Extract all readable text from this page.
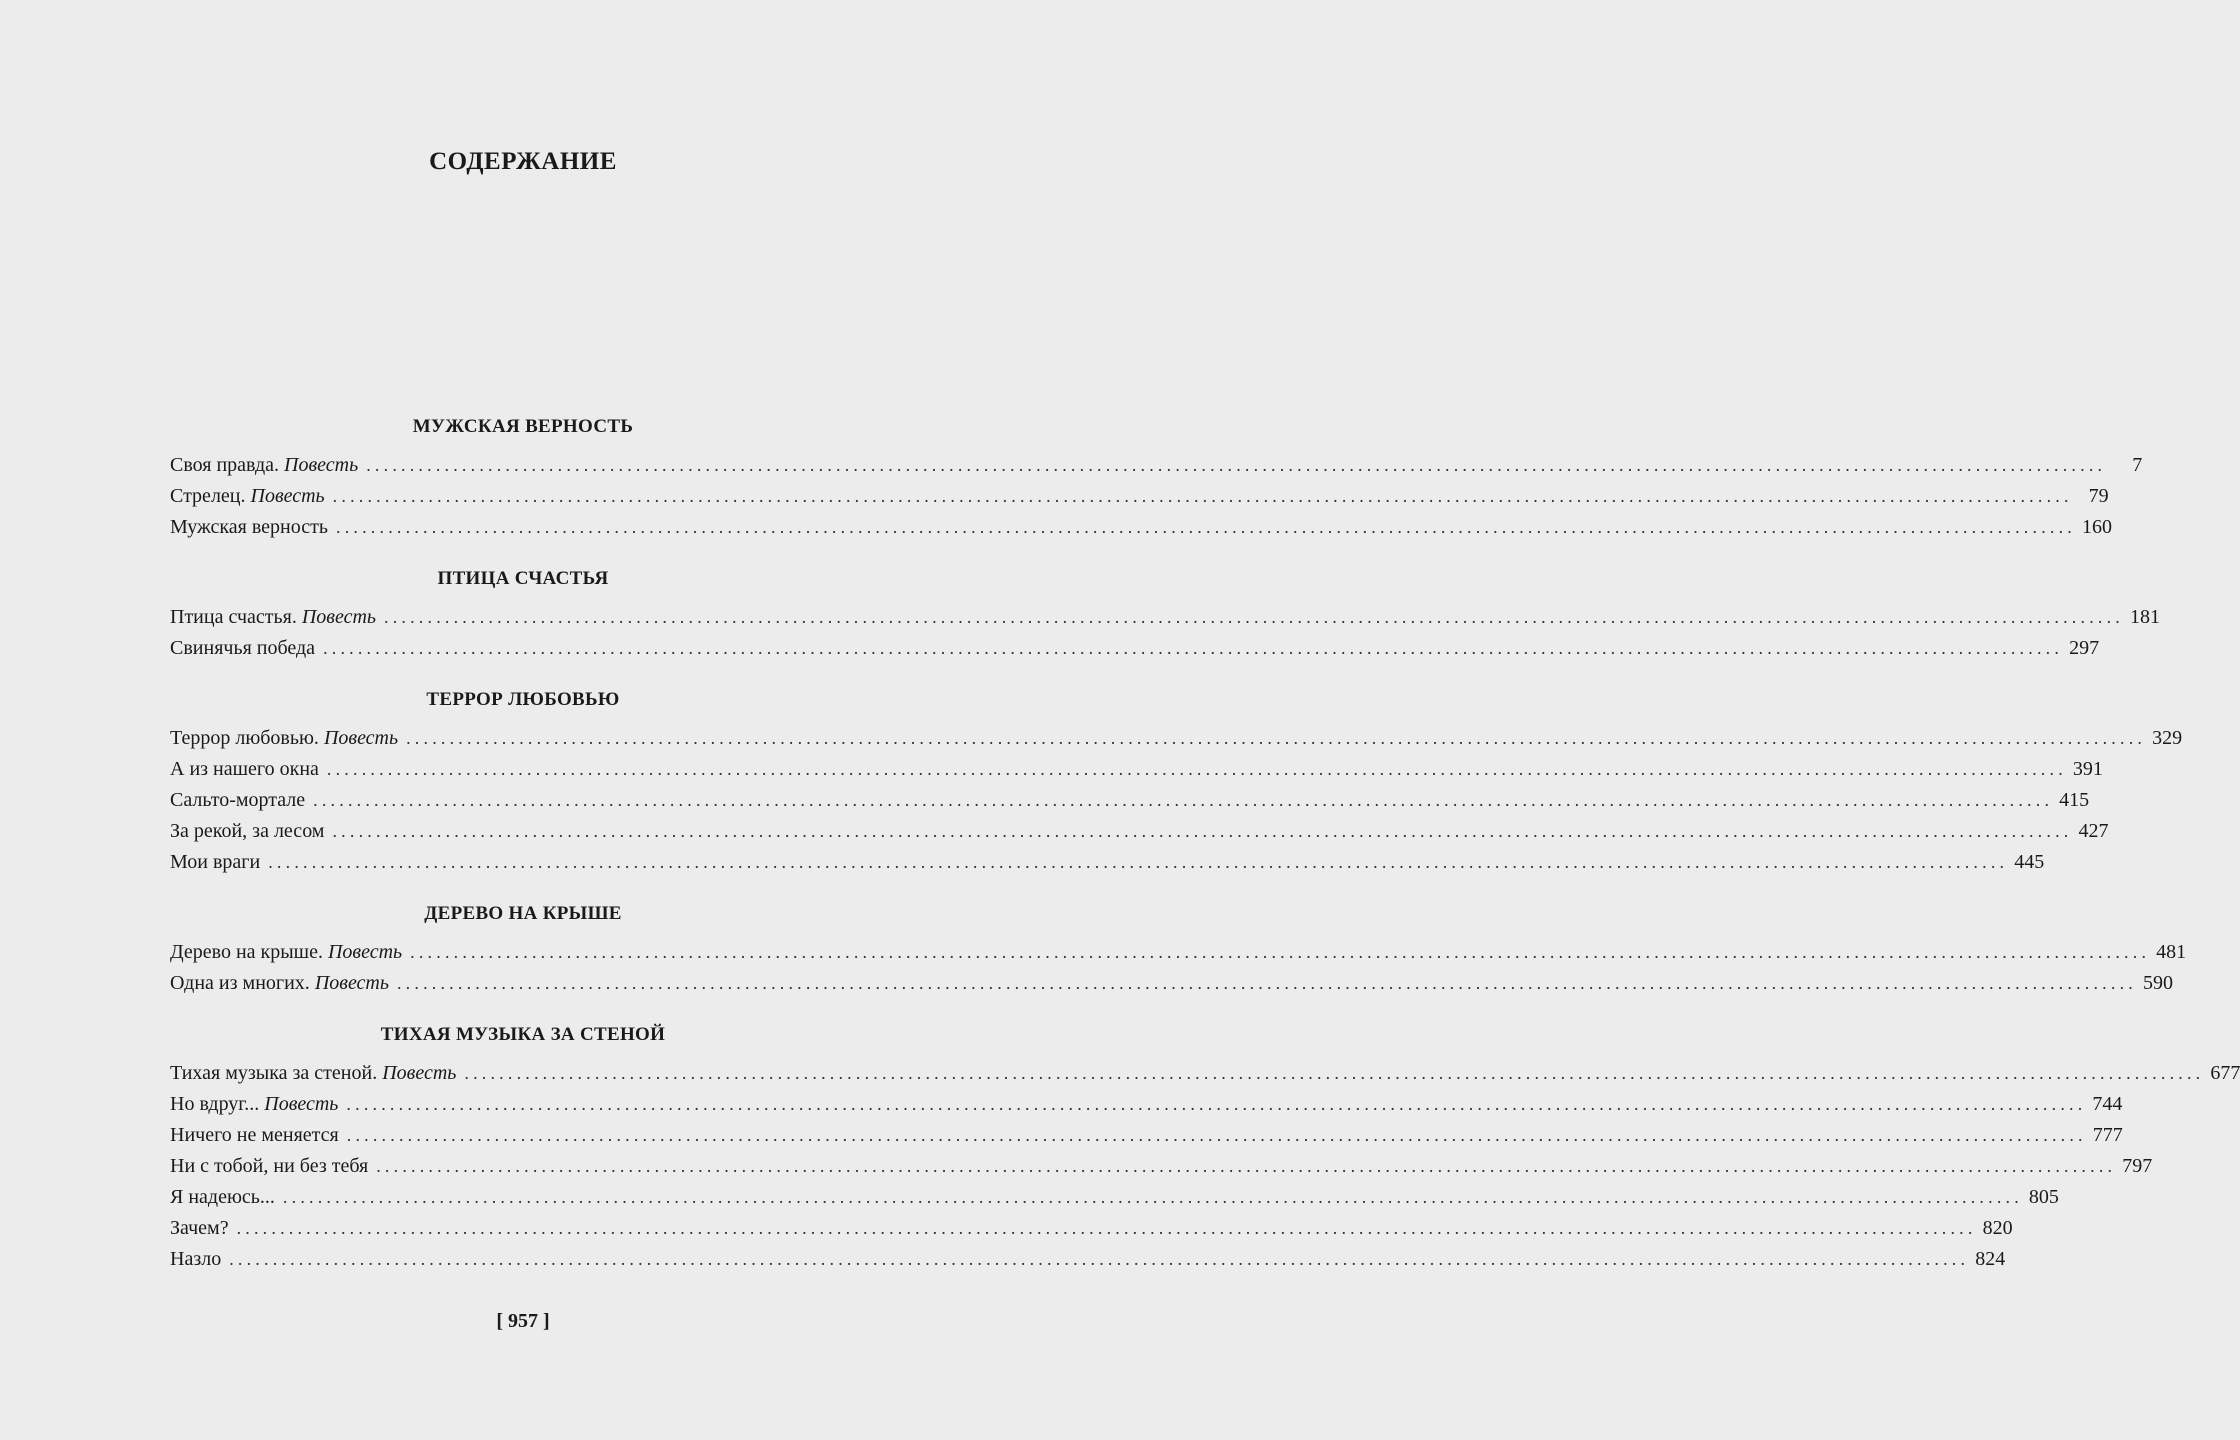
СОДЕРЖАНИЕ
МУЖСКАЯ ВЕРНОСТЬ
Своя правда. Повесть ........................................................................................................................................................................................................	7
Стрелец. Повесть ........................................................................................................................................................................................................ 79
Мужская верность ........................................................................................................................................................................................................ 160
ПТИЦА СЧАСТЬЯ
Птица счастья. Повесть ........................................................................................................................................................................................................ 181
Свинячья победа ........................................................................................................................................................................................................ 297
ТЕРРОР ЛЮБОВЬЮ
Террор любовью. Повесть ........................................................................................................................................................................................................ 329
А из нашего окна ........................................................................................................................................................................................................ 391
Сальто-мортале ........................................................................................................................................................................................................ 415
За рекой, за лесом ........................................................................................................................................................................................................ 427
Мои враги ........................................................................................................................................................................................................ 445
ДЕРЕВО НА КРЫШЕ
Дерево на крыше. Повесть ........................................................................................................................................................................................................ 481
Одна из многих. Повесть ........................................................................................................................................................................................................ 590
ТИХАЯ МУЗЫКА ЗА СТЕНОЙ
Тихая музыка за стеной. Повесть ........................................................................................................................................................................................................ 677
Но вдруг... Повесть ........................................................................................................................................................................................................ 744
Ничего не меняется ........................................................................................................................................................................................................ 777
Ни с тобой, ни без тебя ........................................................................................................................................................................................................ 797
Я надеюсь... ........................................................................................................................................................................................................ 805
Зачем? ........................................................................................................................................................................................................ 820
Назло ........................................................................................................................................................................................................ 824
[ 957 ]
